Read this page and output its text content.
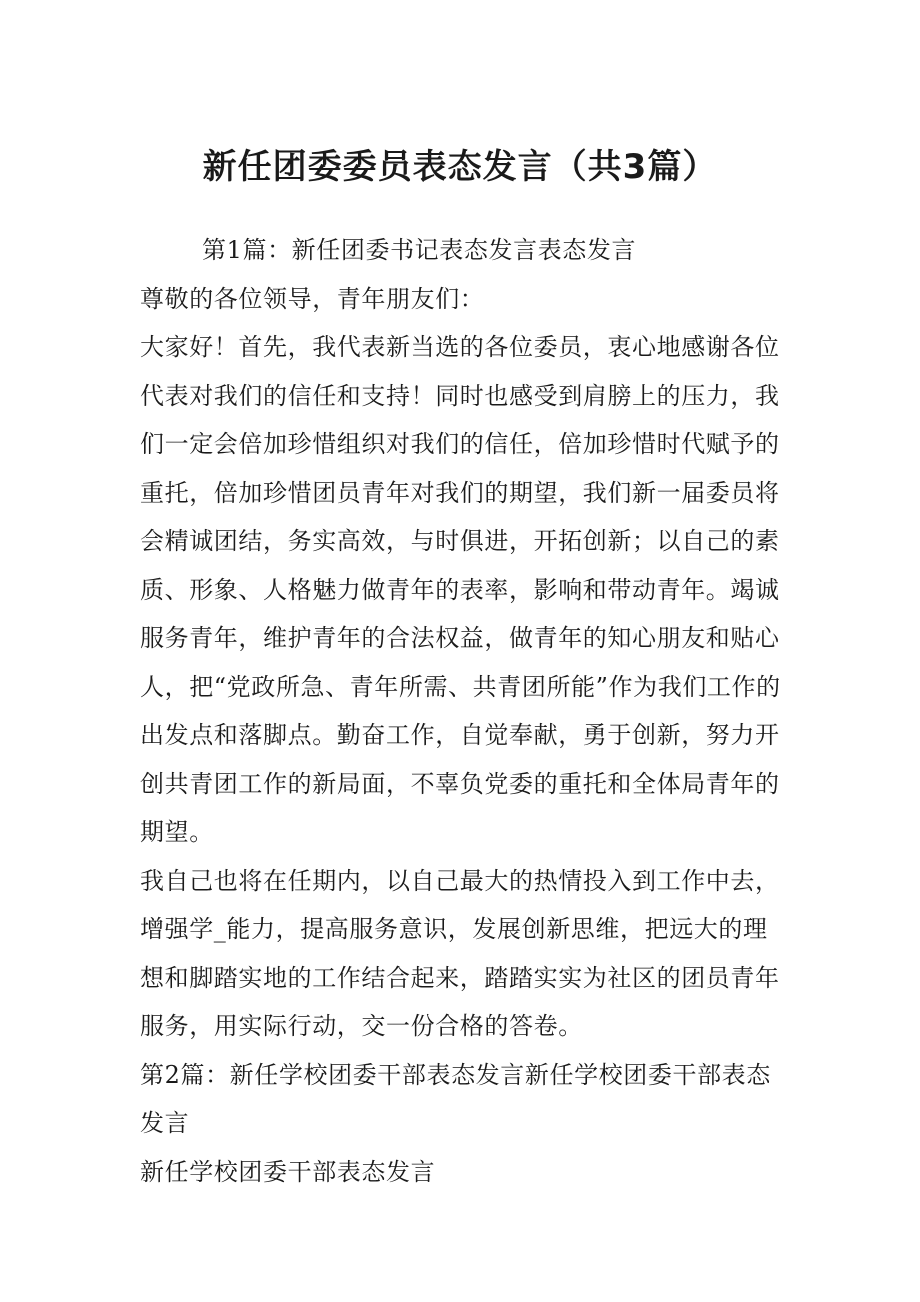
新任团委委员表态发言（共3篇）

第1篇：新任团委书记表态发言表态发言

尊敬的各位领导，青年朋友们：

大家好！首先，我代表新当选的各位委员，衷心地感谢各位代表对我们的信任和支持！同时也感受到肩膀上的压力，我们一定会倍加珍惜组织对我们的信任，倍加珍惜时代赋予的重托，倍加珍惜团员青年对我们的期望，我们新一届委员将会精诚团结，务实高效，与时俱进，开拓创新；以自己的素质、形象、人格魅力做青年的表率，影响和带动青年。竭诚服务青年，维护青年的合法权益，做青年的知心朋友和贴心人，把“党政所急、青年所需、共青团所能”作为我们工作的出发点和落脚点。勤奋工作，自觉奉献，勇于创新，努力开创共青团工作的新局面，不辜负党委的重托和全体局青年的期望。

我自己也将在任期内，以自己最大的热情投入到工作中去，增强学_能力，提高服务意识，发展创新思维，把远大的理想和脚踏实地的工作结合起来，踏踏实实为社区的团员青年服务，用实际行动，交一份合格的答卷。

第2篇：新任学校团委干部表态发言新任学校团委干部表态发言

新任学校团委干部表态发言
